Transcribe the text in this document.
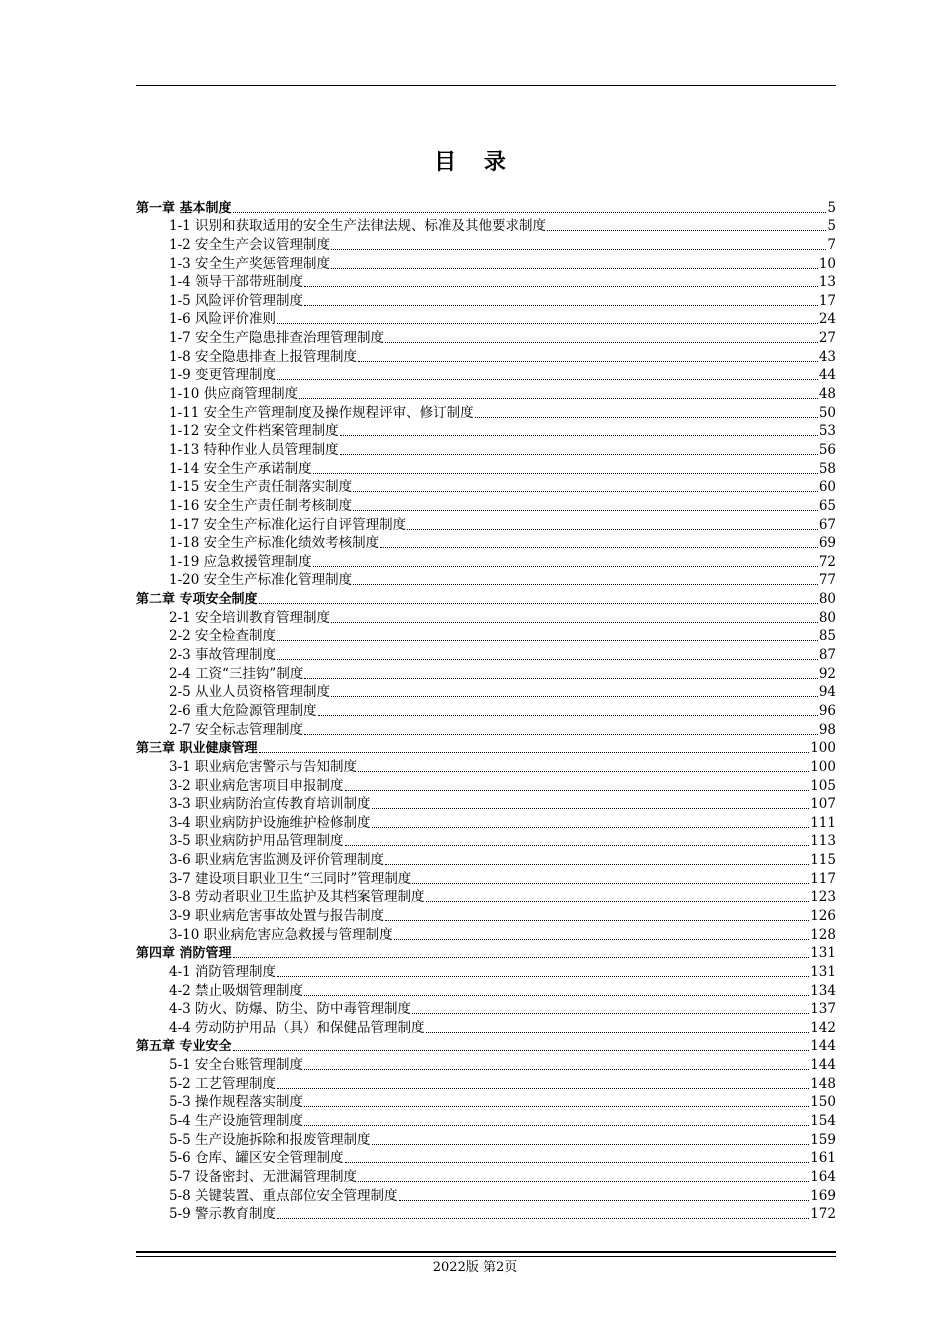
目 录
第一章 基本制度	5
1-1 识别和获取适用的安全生产法律法规、标准及其他要求制度	5
1-2 安全生产会议管理制度	7
1-3 安全生产奖惩管理制度	10
1-4 领导干部带班制度	13
1-5 风险评价管理制度	17
1-6 风险评价准则	24
1-7 安全生产隐患排查治理管理制度	27
1-8 安全隐患排查上报管理制度	43
1-9 变更管理制度	44
1-10 供应商管理制度	48
1-11 安全生产管理制度及操作规程评审、修订制度	50
1-12 安全文件档案管理制度	53
1-13 特种作业人员管理制度	56
1-14 安全生产承诺制度	58
1-15 安全生产责任制落实制度	60
1-16 安全生产责任制考核制度	65
1-17 安全生产标准化运行自评管理制度	67
1-18 安全生产标准化绩效考核制度	69
1-19 应急救援管理制度	72
1-20 安全生产标准化管理制度	77
第二章 专项安全制度	80
2-1 安全培训教育管理制度	80
2-2 安全检查制度	85
2-3 事故管理制度	87
2-4 工资“三挂钩”制度	92
2-5 从业人员资格管理制度	94
2-6 重大危险源管理制度	96
2-7 安全标志管理制度	98
第三章 职业健康管理	100
3-1 职业病危害警示与告知制度	100
3-2 职业病危害项目申报制度	105
3-3 职业病防治宣传教育培训制度	107
3-4 职业病防护设施维护检修制度	111
3-5 职业病防护用品管理制度	113
3-6 职业病危害监测及评价管理制度	115
3-7 建设项目职业卫生“三同时”管理制度	117
3-8 劳动者职业卫生监护及其档案管理制度	123
3-9 职业病危害事故处置与报告制度	126
3-10 职业病危害应急救援与管理制度	128
第四章 消防管理	131
4-1 消防管理制度	131
4-2 禁止吸烟管理制度	134
4-3 防火、防爆、防尘、防中毒管理制度	137
4-4 劳动防护用品（具）和保健品管理制度	142
第五章 专业安全	144
5-1 安全台账管理制度	144
5-2 工艺管理制度	148
5-3 操作规程落实制度	150
5-4 生产设施管理制度	154
5-5 生产设施拆除和报废管理制度	159
5-6 仓库、罐区安全管理制度	161
5-7 设备密封、无泄漏管理制度	164
5-8 关键装置、重点部位安全管理制度	169
5-9 警示教育制度	172
2022版 第2页
